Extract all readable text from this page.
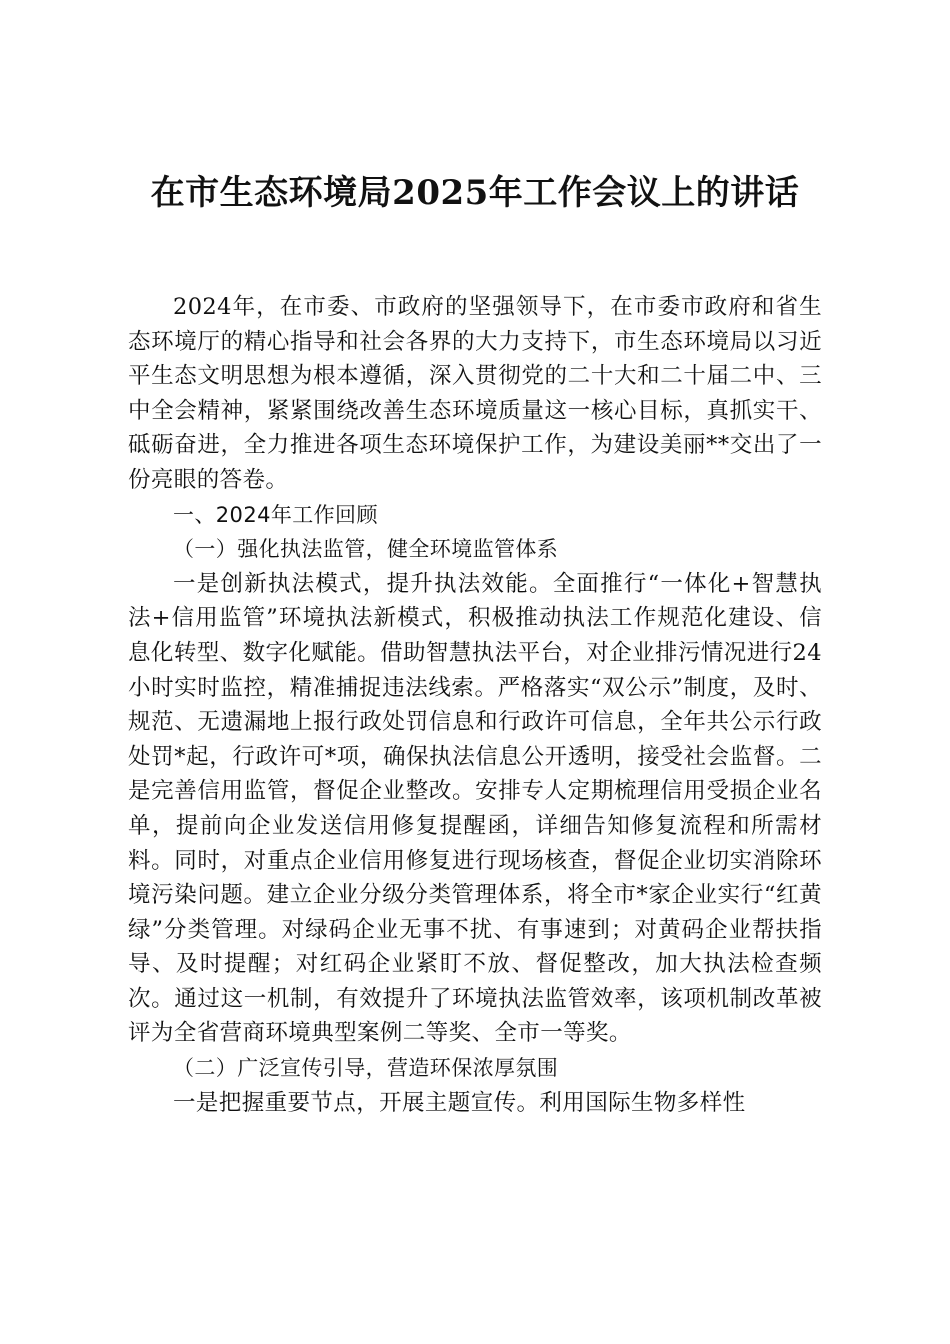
在市生态环境局2025年工作会议上的讲话

2024年，在市委、市政府的坚强领导下，在市委市政府和省生态环境厅的精心指导和社会各界的大力支持下，市生态环境局以习近平生态文明思想为根本遵循，深入贯彻党的二十大和二十届二中、三中全会精神，紧紧围绕改善生态环境质量这一核心目标，真抓实干、砥砺奋进，全力推进各项生态环境保护工作，为建设美丽**交出了一份亮眼的答卷。

一、2024年工作回顾

（一）强化执法监管，健全环境监管体系

一是创新执法模式，提升执法效能。全面推行“一体化+智慧执法+信用监管”环境执法新模式，积极推动执法工作规范化建设、信息化转型、数字化赋能。借助智慧执法平台，对企业排污情况进行24小时实时监控，精准捕捉违法线索。严格落实“双公示”制度，及时、规范、无遗漏地上报行政处罚信息和行政许可信息，全年共公示行政处罚*起，行政许可*项，确保执法信息公开透明，接受社会监督。二是完善信用监管，督促企业整改。安排专人定期梳理信用受损企业名单，提前向企业发送信用修复提醒函，详细告知修复流程和所需材料。同时，对重点企业信用修复进行现场核查，督促企业切实消除环境污染问题。建立企业分级分类管理体系，将全市*家企业实行“红黄绿”分类管理。对绿码企业无事不扰、有事速到；对黄码企业帮扶指导、及时提醒；对红码企业紧盯不放、督促整改，加大执法检查频次。通过这一机制，有效提升了环境执法监管效率，该项机制改革被评为全省营商环境典型案例二等奖、全市一等奖。

（二）广泛宣传引导，营造环保浓厚氛围

一是把握重要节点，开展主题宣传。利用国际生物多样性
